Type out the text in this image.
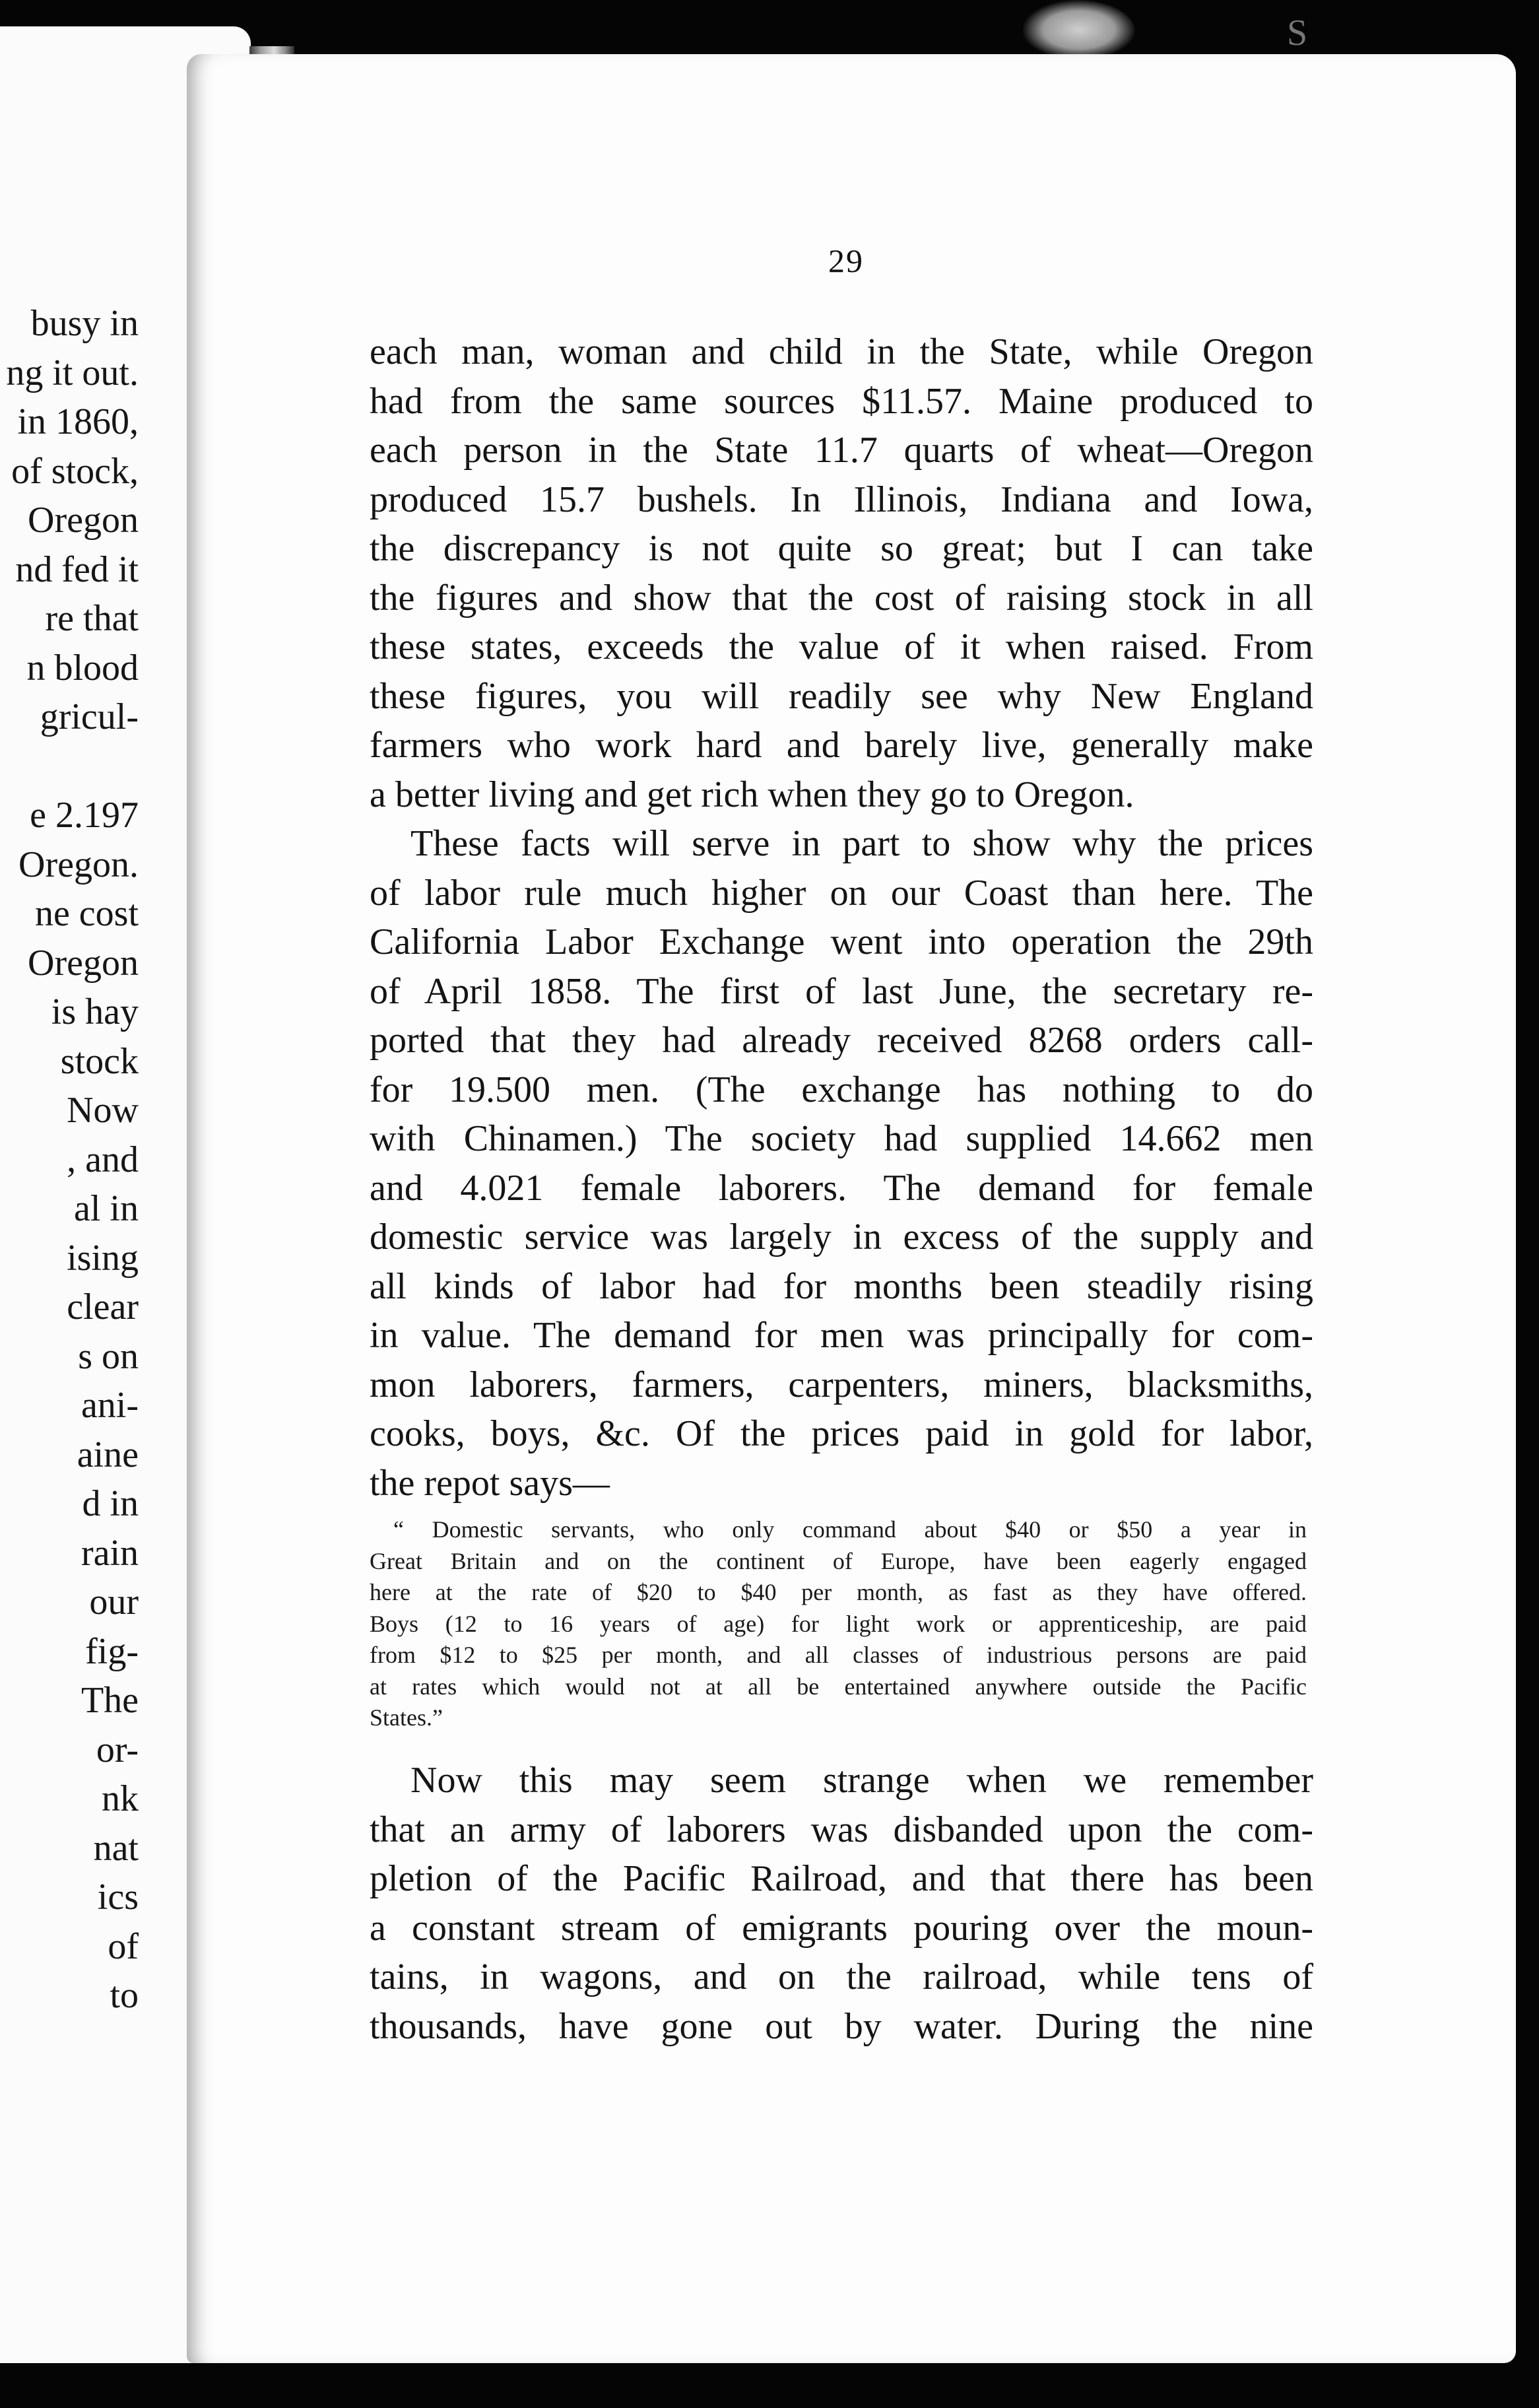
S
busy in
ng it out.
in 1860,
of stock,
Oregon
nd fed it
re that
n blood
gricul-
e 2.197
Oregon.
ne cost
Oregon
is hay
stock
Now
, and
al in
ising
clear
s on
ani-
aine
d in
rain
our
fig-
The
or-
nk
nat
ics
of
to
29
each man, woman and child in the State, while Oregon
had from the same sources $11.57. Maine produced to
each person in the State 11.7 quarts of wheat—Oregon
produced 15.7 bushels. In Illinois, Indiana and Iowa,
the discrepancy is not quite so great; but I can take
the figures and show that the cost of raising stock in all
these states, exceeds the value of it when raised. From
these figures, you will readily see why New England
farmers who work hard and barely live, generally make
a better living and get rich when they go to Oregon.
These facts will serve in part to show why the prices
of labor rule much higher on our Coast than here. The
California Labor Exchange went into operation the 29th
of April 1858. The first of last June, the secretary re-
ported that they had already received 8268 orders call-
for 19.500 men. (The exchange has nothing to do
with Chinamen.) The society had supplied 14.662 men
and 4.021 female laborers. The demand for female
domestic service was largely in excess of the supply and
all kinds of labor had for months been steadily rising
in value. The demand for men was principally for com-
mon laborers, farmers, carpenters, miners, blacksmiths,
cooks, boys, &c. Of the prices paid in gold for labor,
the repot says—
“ Domestic servants, who only command about $40 or $50 a year in
Great Britain and on the continent of Europe, have been eagerly engaged
here at the rate of $20 to $40 per month, as fast as they have offered.
Boys (12 to 16 years of age) for light work or apprenticeship, are paid
from $12 to $25 per month, and all classes of industrious persons are paid
at rates which would not at all be entertained anywhere outside the Pacific
States.”
Now this may seem strange when we remember
that an army of laborers was disbanded upon the com-
pletion of the Pacific Railroad, and that there has been
a constant stream of emigrants pouring over the moun-
tains, in wagons, and on the railroad, while tens of
thousands, have gone out by water. During the nine
